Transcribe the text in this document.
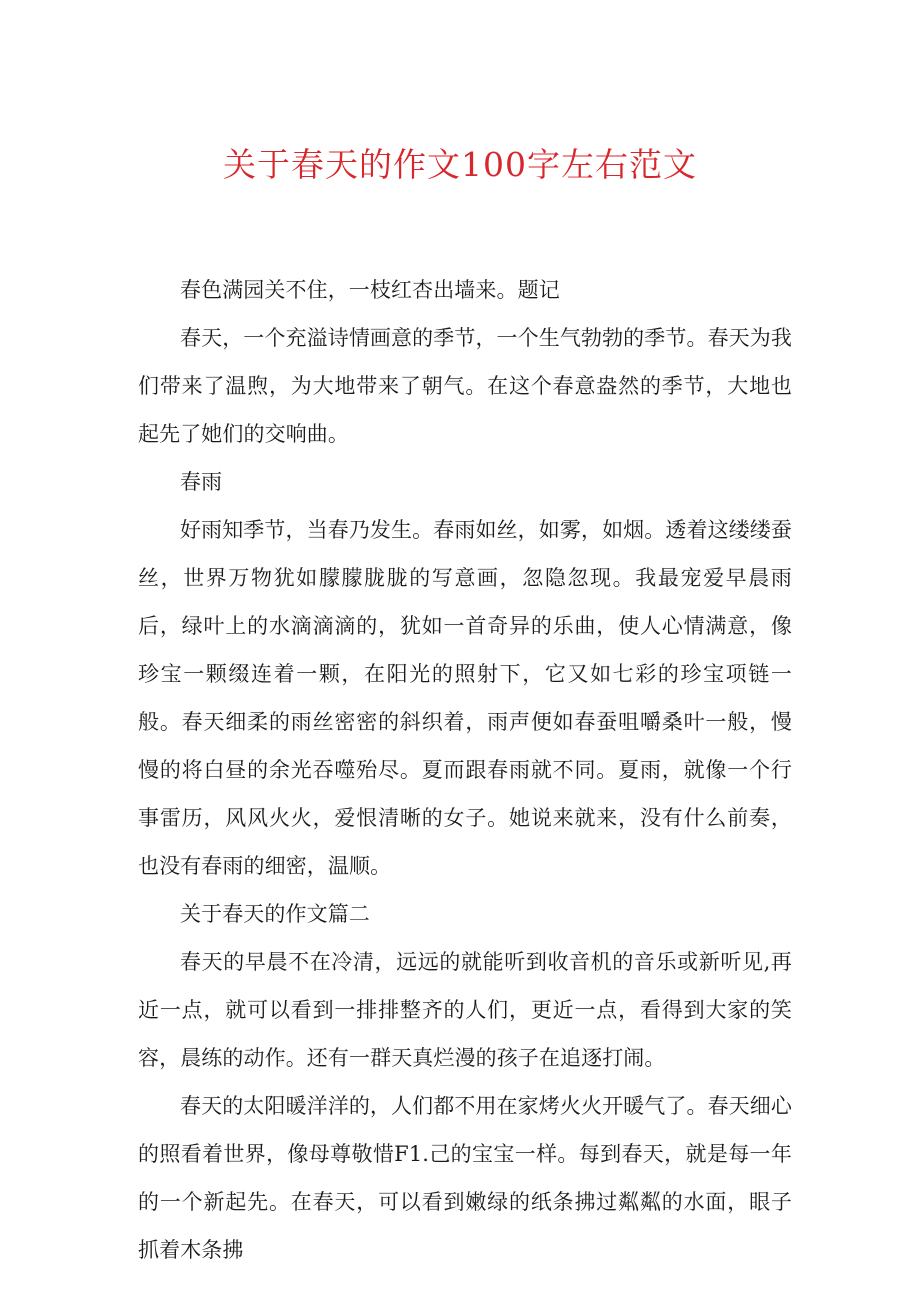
关于春天的作文100字左右范文

春色满园关不住，一枝红杏出墙来。题记

春天，一个充溢诗情画意的季节，一个生气勃勃的季节。春天为我们带来了温煦，为大地带来了朝气。在这个春意盎然的季节，大地也起先了她们的交响曲。

春雨

好雨知季节，当春乃发生。春雨如丝，如雾，如烟。透着这缕缕蚕丝，世界万物犹如朦朦胧胧的写意画，忽隐忽现。我最宠爱早晨雨后，绿叶上的水滴滴滴的，犹如一首奇异的乐曲，使人心情满意，像珍宝一颗缀连着一颗，在阳光的照射下，它又如七彩的珍宝项链一般。春天细柔的雨丝密密的斜织着，雨声便如春蚕咀嚼桑叶一般，慢慢的将白昼的余光吞噬殆尽。夏而跟春雨就不同。夏雨，就像一个行事雷历，风风火火，爱恨清晰的女子。她说来就来，没有什么前奏，也没有春雨的细密，温顺。

关于春天的作文篇二

春天的早晨不在冷清，远远的就能听到收音机的音乐或新听见,再近一点，就可以看到一排排整齐的人们，更近一点，看得到大家的笑容，晨练的动作。还有一群天真烂漫的孩子在追逐打闹。

春天的太阳暖洋洋的，人们都不用在家烤火火开暖气了。春天细心的照看着世界，像母尊敬惜F1.己的宝宝一样。每到春天，就是每一年的一个新起先。在春天，可以看到嫩绿的纸条拂过粼粼的水面，眼子抓着木条拂
